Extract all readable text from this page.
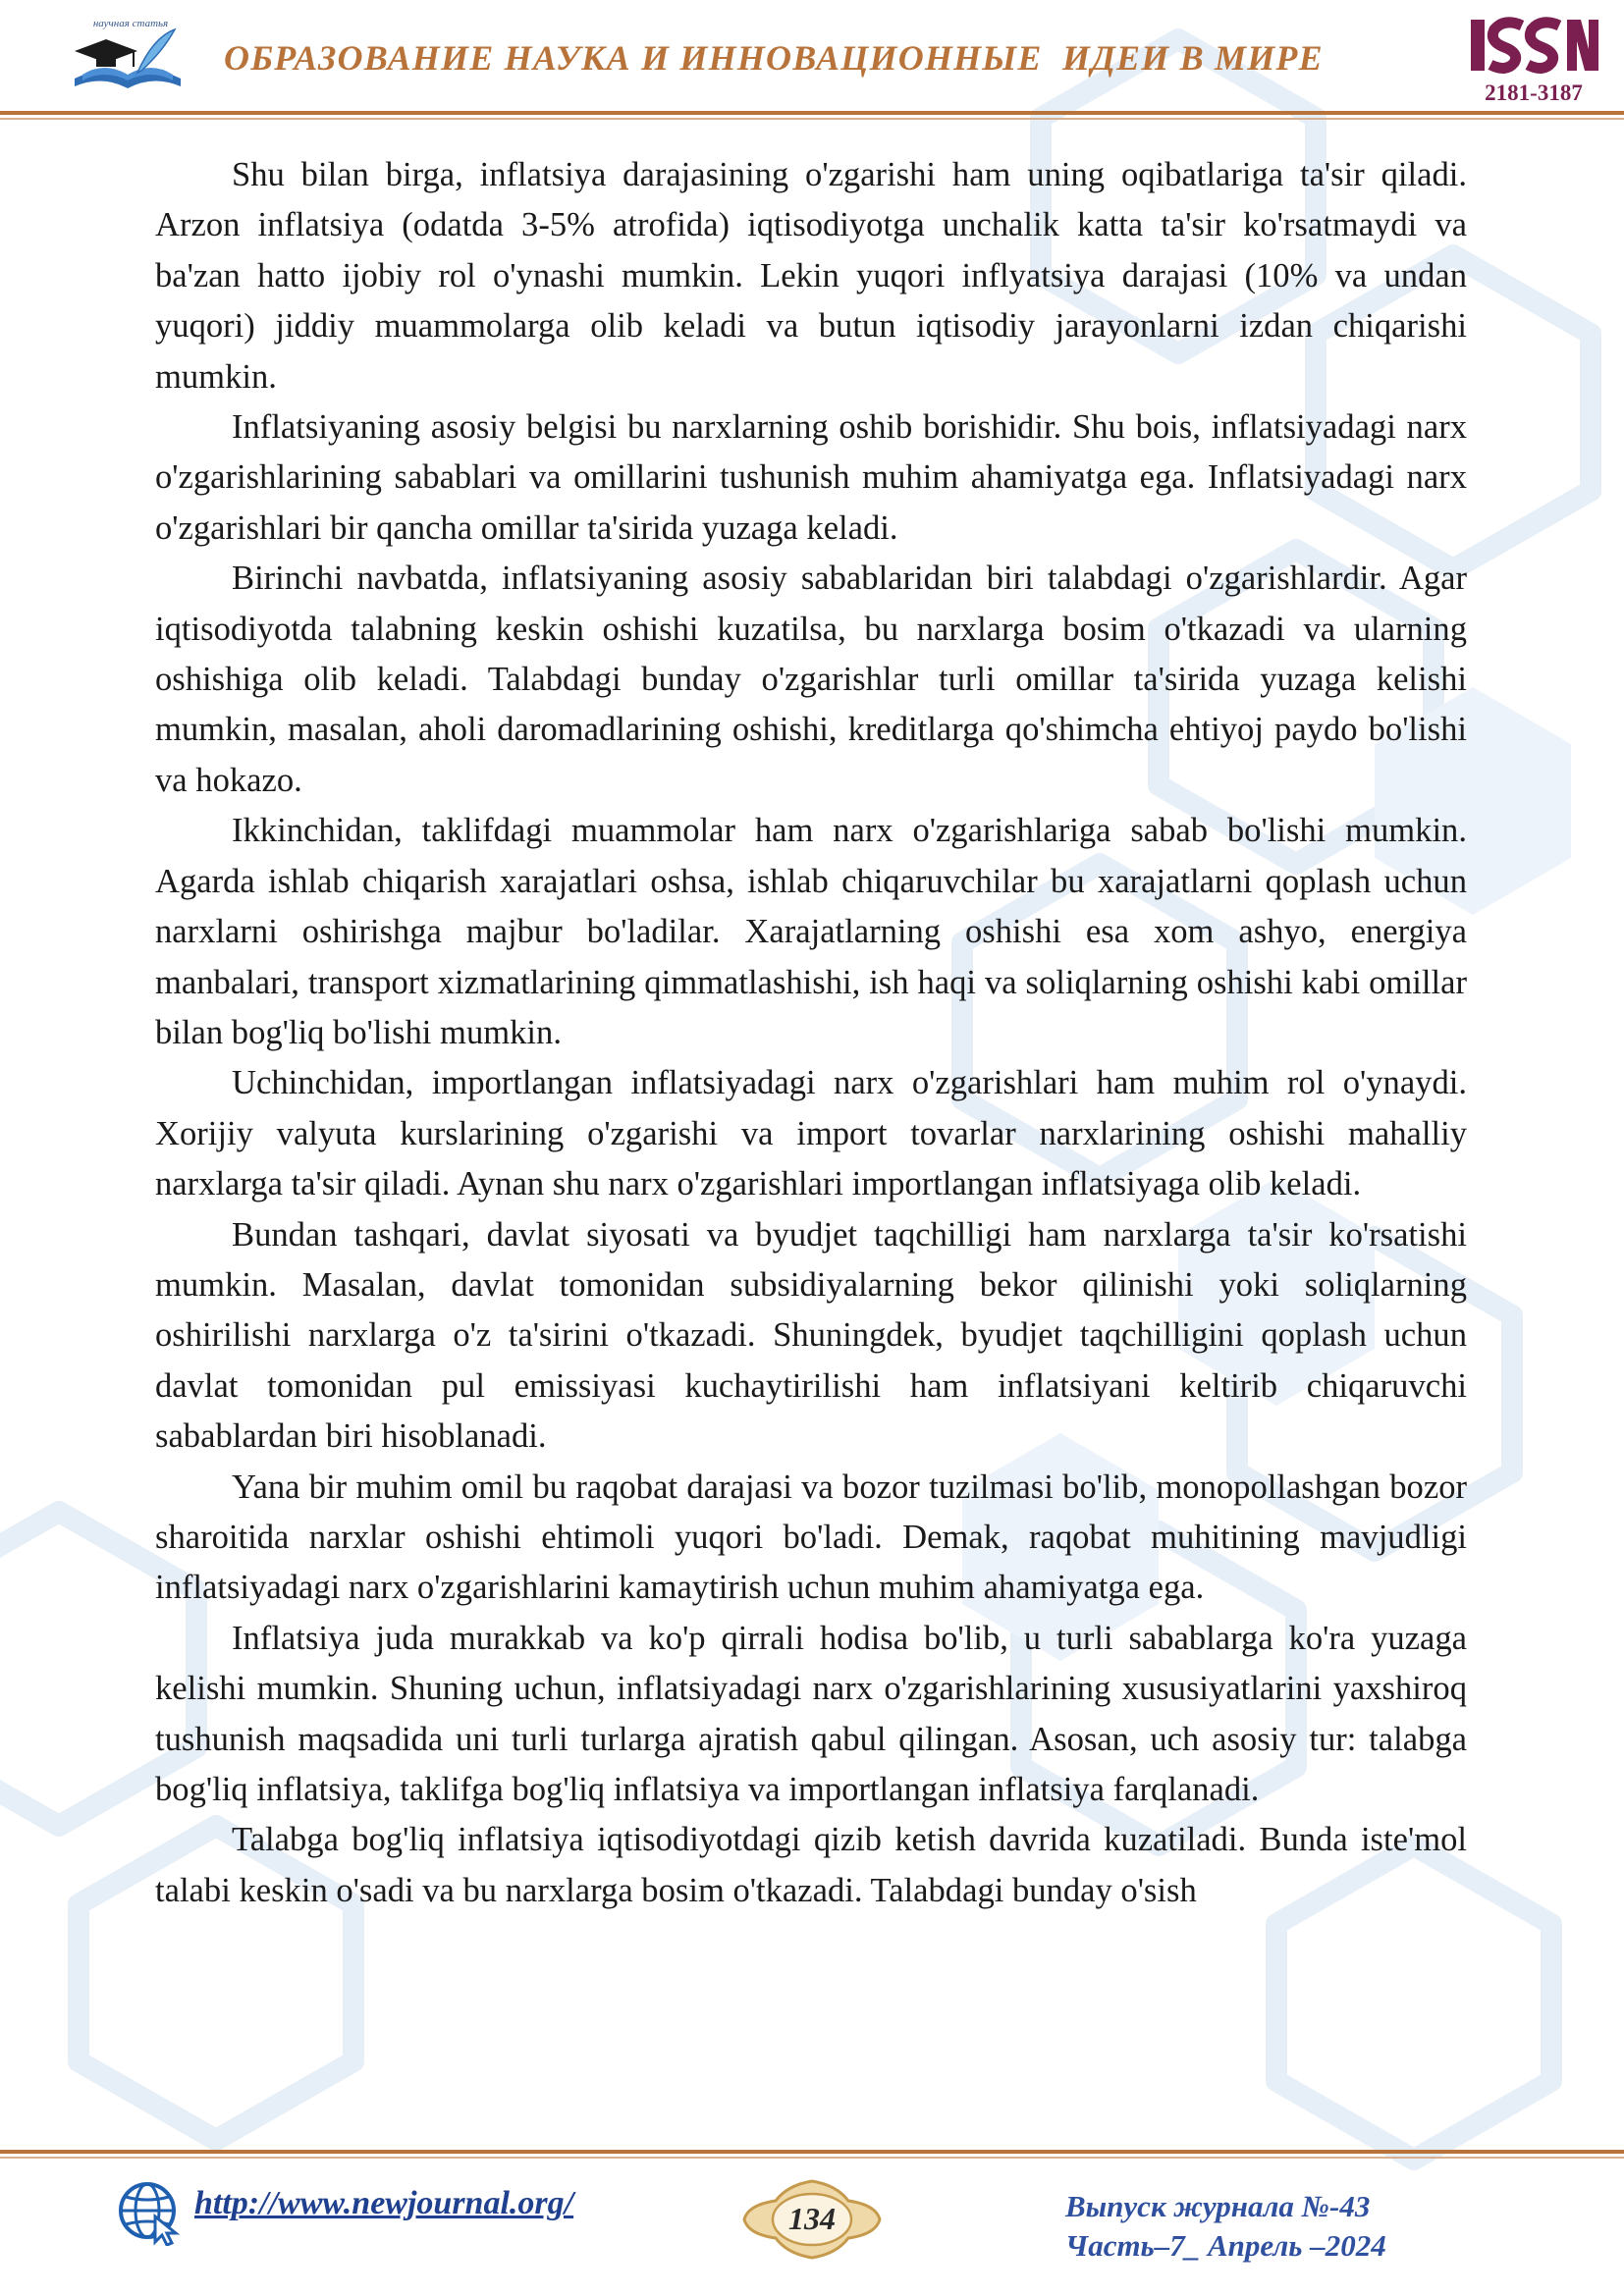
научная статья
ОБРАЗОВАНИЕ НАУКА И ИННОВАЦИОННЫЕ  ИДЕИ В МИРЕ
2181-3187

Shu bilan birga, inflatsiya darajasining o'zgarishi ham uning oqibatlariga ta'sir qiladi. Arzon inflatsiya (odatda 3-5% atrofida) iqtisodiyotga unchalik katta ta'sir ko'rsatmaydi va ba'zan hatto ijobiy rol o'ynashi mumkin. Lekin yuqori inflyatsiya darajasi (10% va undan yuqori) jiddiy muammolarga olib keladi va butun iqtisodiy jarayonlarni izdan chiqarishi mumkin.

Inflatsiyaning asosiy belgisi bu narxlarning oshib borishidir. Shu bois, inflatsiyadagi narx o'zgarishlarining sabablari va omillarini tushunish muhim ahamiyatga ega. Inflatsiyadagi narx o'zgarishlari bir qancha omillar ta'sirida yuzaga keladi.

Birinchi navbatda, inflatsiyaning asosiy sabablaridan biri talabdagi o'zgarishlardir. Agar iqtisodiyotda talabning keskin oshishi kuzatilsa, bu narxlarga bosim o'tkazadi va ularning oshishiga olib keladi. Talabdagi bunday o'zgarishlar turli omillar ta'sirida yuzaga kelishi mumkin, masalan, aholi daromadlarining oshishi, kreditlarga qo'shimcha ehtiyoj paydo bo'lishi va hokazo.

Ikkinchidan, taklifdagi muammolar ham narx o'zgarishlariga sabab bo'lishi mumkin. Agarda ishlab chiqarish xarajatlari oshsa, ishlab chiqaruvchilar bu xarajatlarni qoplash uchun narxlarni oshirishga majbur bo'ladilar. Xarajatlarning oshishi esa xom ashyo, energiya manbalari, transport xizmatlarining qimmatlashishi, ish haqi va soliqlarning oshishi kabi omillar bilan bog'liq bo'lishi mumkin.

Uchinchidan, importlangan inflatsiyadagi narx o'zgarishlari ham muhim rol o'ynaydi. Xorijiy valyuta kurslarining o'zgarishi va import tovarlar narxlarining oshishi mahalliy narxlarga ta'sir qiladi. Aynan shu narx o'zgarishlari importlangan inflatsiyaga olib keladi.

Bundan tashqari, davlat siyosati va byudjet taqchilligi ham narxlarga ta'sir ko'rsatishi mumkin. Masalan, davlat tomonidan subsidiyalarning bekor qilinishi yoki soliqlarning oshirilishi narxlarga o'z ta'sirini o'tkazadi. Shuningdek, byudjet taqchilligini qoplash uchun davlat tomonidan pul emissiyasi kuchaytirilishi ham inflatsiyani keltirib chiqaruvchi sabablardan biri hisoblanadi.

Yana bir muhim omil bu raqobat darajasi va bozor tuzilmasi bo'lib, monopollashgan bozor sharoitida narxlar oshishi ehtimoli yuqori bo'ladi. Demak, raqobat muhitining mavjudligi inflatsiyadagi narx o'zgarishlarini kamaytirish uchun muhim ahamiyatga ega.

Inflatsiya juda murakkab va ko'p qirrali hodisa bo'lib, u turli sabablarga ko'ra yuzaga kelishi mumkin. Shuning uchun, inflatsiyadagi narx o'zgarishlarining xususiyatlarini yaxshiroq tushunish maqsadida uni turli turlarga ajratish qabul qilingan. Asosan, uch asosiy tur: talabga bog'liq inflatsiya, taklifga bog'liq inflatsiya va importlangan inflatsiya farqlanadi.

Talabga bog'liq inflatsiya iqtisodiyotdagi qizib ketish davrida kuzatiladi. Bunda iste'mol talabi keskin o'sadi va bu narxlarga bosim o'tkazadi. Talabdagi bunday o'sish

http://www.newjournal.org/	134	Выпуск журнала №-43
Часть–7_ Апрель –2024
